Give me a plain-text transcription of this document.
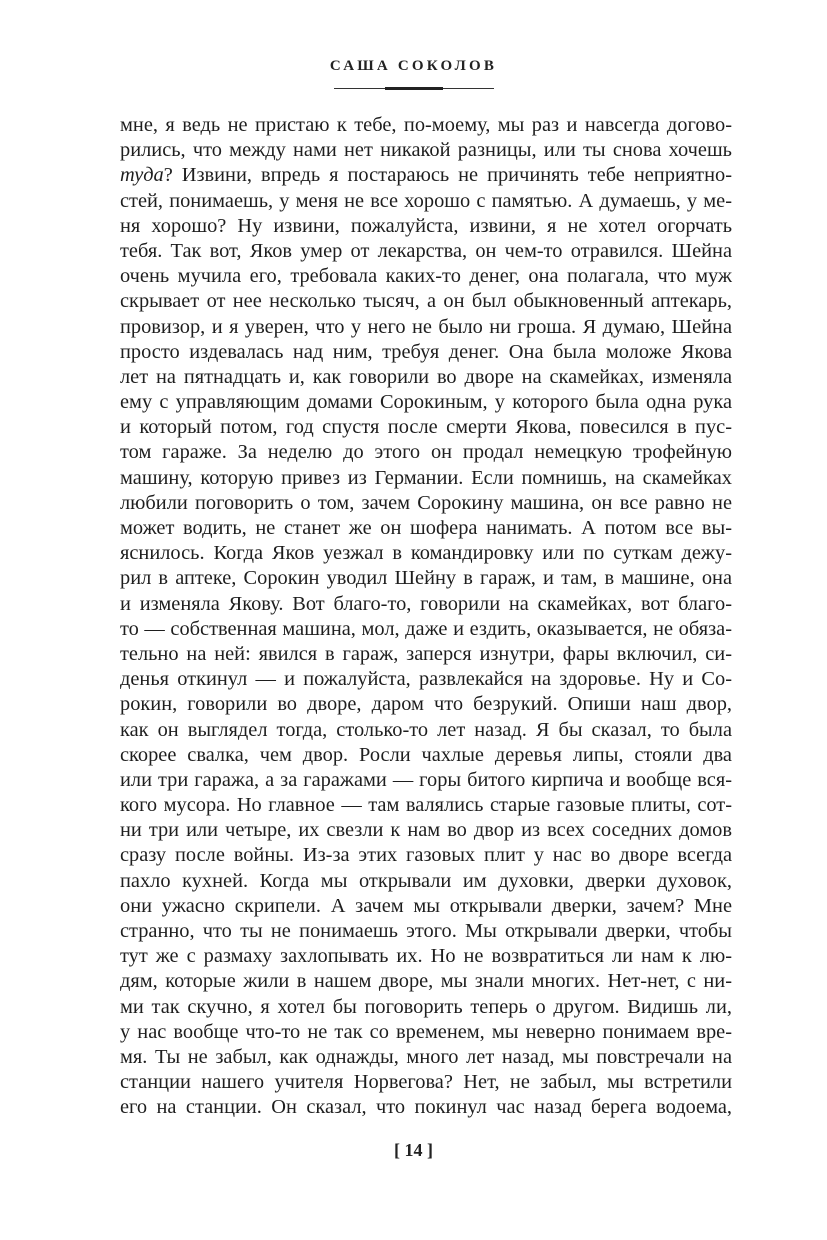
САША СОКОЛОВ
мне, я ведь не пристаю к тебе, по-моему, мы раз и навсегда догово-
рились, что между нами нет никакой разницы, или ты снова хочешь
туда? Извини, впредь я постараюсь не причинять тебе неприятно-
стей, понимаешь, у меня не все хорошо с памятью. А думаешь, у ме-
ня хорошо? Ну извини, пожалуйста, извини, я не хотел огорчать
тебя. Так вот, Яков умер от лекарства, он чем-то отравился. Шейна
очень мучила его, требовала каких-то денег, она полагала, что муж
скрывает от нее несколько тысяч, а он был обыкновенный аптекарь,
провизор, и я уверен, что у него не было ни гроша. Я думаю, Шейна
просто издевалась над ним, требуя денег. Она была моложе Якова
лет на пятнадцать и, как говорили во дворе на скамейках, изменяла
ему с управляющим домами Сорокиным, у которого была одна рука
и который потом, год спустя после смерти Якова, повесился в пус-
том гараже. За неделю до этого он продал немецкую трофейную
машину, которую привез из Германии. Если помнишь, на скамейках
любили поговорить о том, зачем Сорокину машина, он все равно не
может водить, не станет же он шофера нанимать. А потом все вы-
яснилось. Когда Яков уезжал в командировку или по суткам дежу-
рил в аптеке, Сорокин уводил Шейну в гараж, и там, в машине, она
и изменяла Якову. Вот благо-то, говорили на скамейках, вот благо-
то — собственная машина, мол, даже и ездить, оказывается, не обяза-
тельно на ней: явился в гараж, заперся изнутри, фары включил, си-
денья откинул — и пожалуйста, развлекайся на здоровье. Ну и Со-
рокин, говорили во дворе, даром что безрукий. Опиши наш двор,
как он выглядел тогда, столько-то лет назад. Я бы сказал, то была
скорее свалка, чем двор. Росли чахлые деревья липы, стояли два
или три гаража, а за гаражами — горы битого кирпича и вообще вся-
кого мусора. Но главное — там валялись старые газовые плиты, сот-
ни три или четыре, их свезли к нам во двор из всех соседних домов
сразу после войны. Из-за этих газовых плит у нас во дворе всегда
пахло кухней. Когда мы открывали им духовки, дверки духовок,
они ужасно скрипели. А зачем мы открывали дверки, зачем? Мне
странно, что ты не понимаешь этого. Мы открывали дверки, чтобы
тут же с размаху захлопывать их. Но не возвратиться ли нам к лю-
дям, которые жили в нашем дворе, мы знали многих. Нет-нет, с ни-
ми так скучно, я хотел бы поговорить теперь о другом. Видишь ли,
у нас вообще что-то не так со временем, мы неверно понимаем вре-
мя. Ты не забыл, как однажды, много лет назад, мы повстречали на
станции нашего учителя Норвегова? Нет, не забыл, мы встретили
его на станции. Он сказал, что покинул час назад берега водоема,
[ 14 ]
